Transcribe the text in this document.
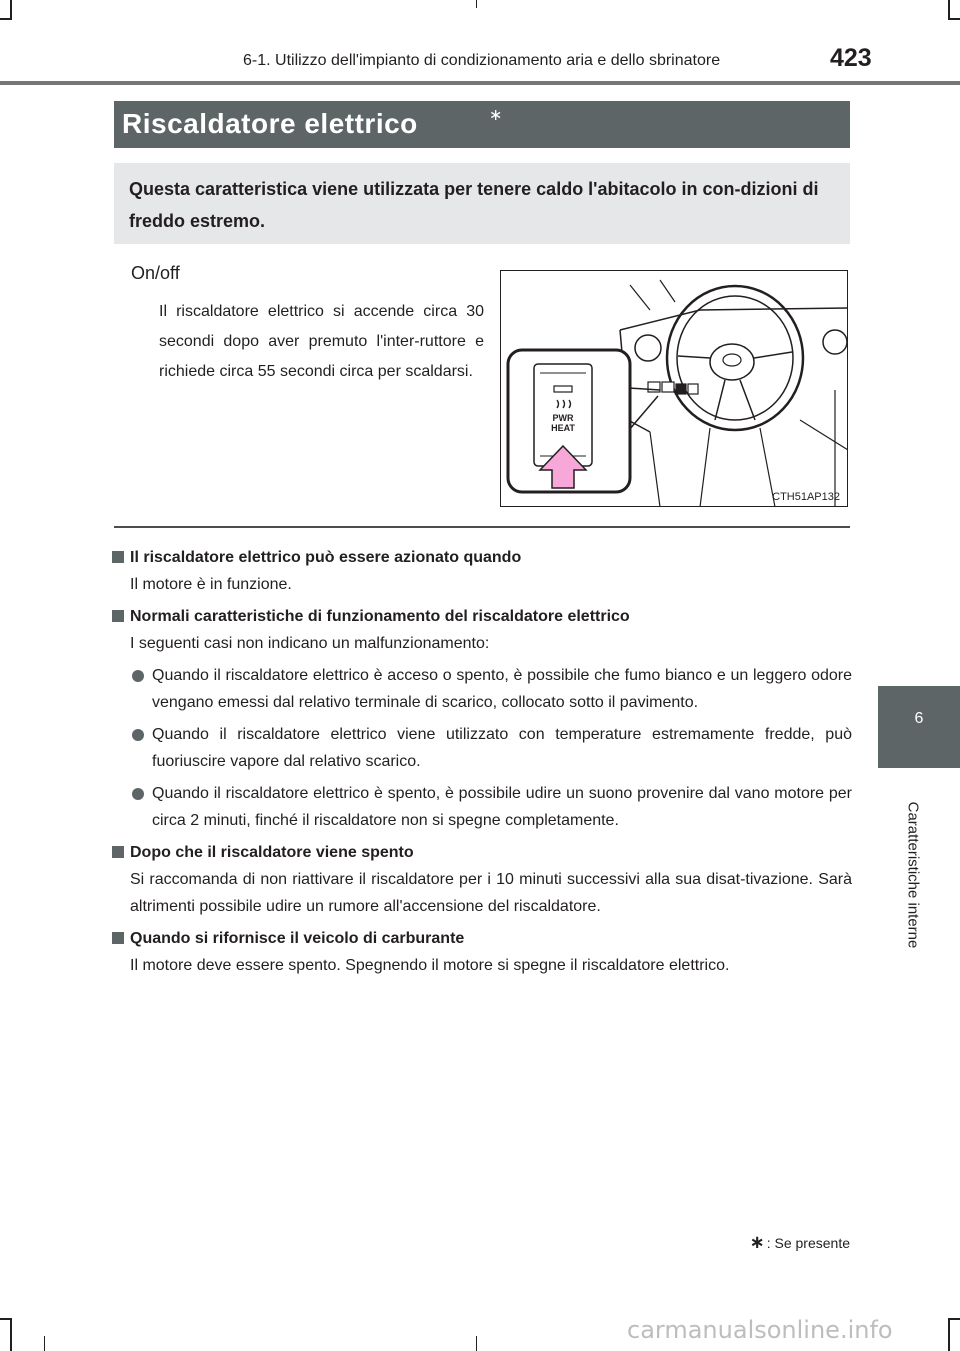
6-1. Utilizzo dell'impianto di condizionamento aria e dello sbrinatore	423
Riscaldatore elettrico	∗
Questa caratteristica viene utilizzata per tenere caldo l'abitacolo in con-dizioni di freddo estremo.
On/off
Il riscaldatore elettrico si accende circa 30 secondi dopo aver premuto l'inter-ruttore e richiede circa 55 secondi circa per scaldarsi.
PWR
HEAT
CTH51AP132
Il riscaldatore elettrico può essere azionato quando
Il motore è in funzione.
Normali caratteristiche di funzionamento del riscaldatore elettrico
I seguenti casi non indicano un malfunzionamento:
Quando il riscaldatore elettrico è acceso o spento, è possibile che fumo bianco e un leggero odore vengano emessi dal relativo terminale di scarico, collocato sotto il pavimento.
Quando il riscaldatore elettrico viene utilizzato con temperature estremamente fredde, può fuoriuscire vapore dal relativo scarico.
Quando il riscaldatore elettrico è spento, è possibile udire un suono provenire dal vano motore per circa 2 minuti, finché il riscaldatore non si spegne completamente.
Dopo che il riscaldatore viene spento
Si raccomanda di non riattivare il riscaldatore per i 10 minuti successivi alla sua disat-tivazione. Sarà altrimenti possibile udire un rumore all'accensione del riscaldatore.
Quando si rifornisce il veicolo di carburante
Il motore deve essere spento. Spegnendo il motore si spegne il riscaldatore elettrico.
∗ : Se presente
6
Caratteristiche interne
carmanualsonline.info
